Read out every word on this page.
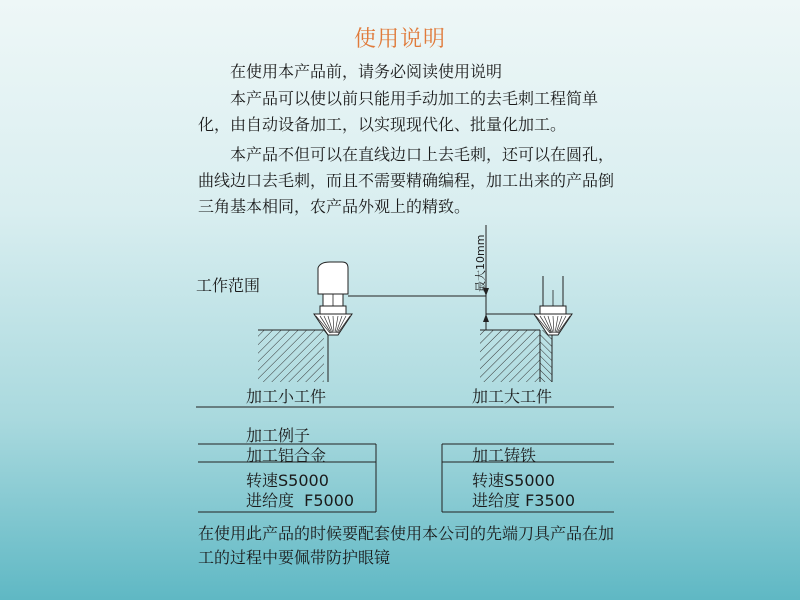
使用说明
在使用本产品前，请务必阅读使用说明
本产品可以使以前只能用手动加工的去毛刺工程简单化，由自动设备加工，以实现现代化、批量化加工。
本产品不但可以在直线边口上去毛刺，还可以在圆孔，曲线边口去毛刺，而且不需要精确编程，加工出来的产品倒三角基本相同，农产品外观上的精致。
工作范围	最大10mm
加工小工件	加工大工件
加工例子
加工铝合金
转速S5000
进给度  F5000
加工铸铁
转速S5000
进给度 F3500
在使用此产品的时候要配套使用本公司的先端刀具产品在加工的过程中要佩带防护眼镜
